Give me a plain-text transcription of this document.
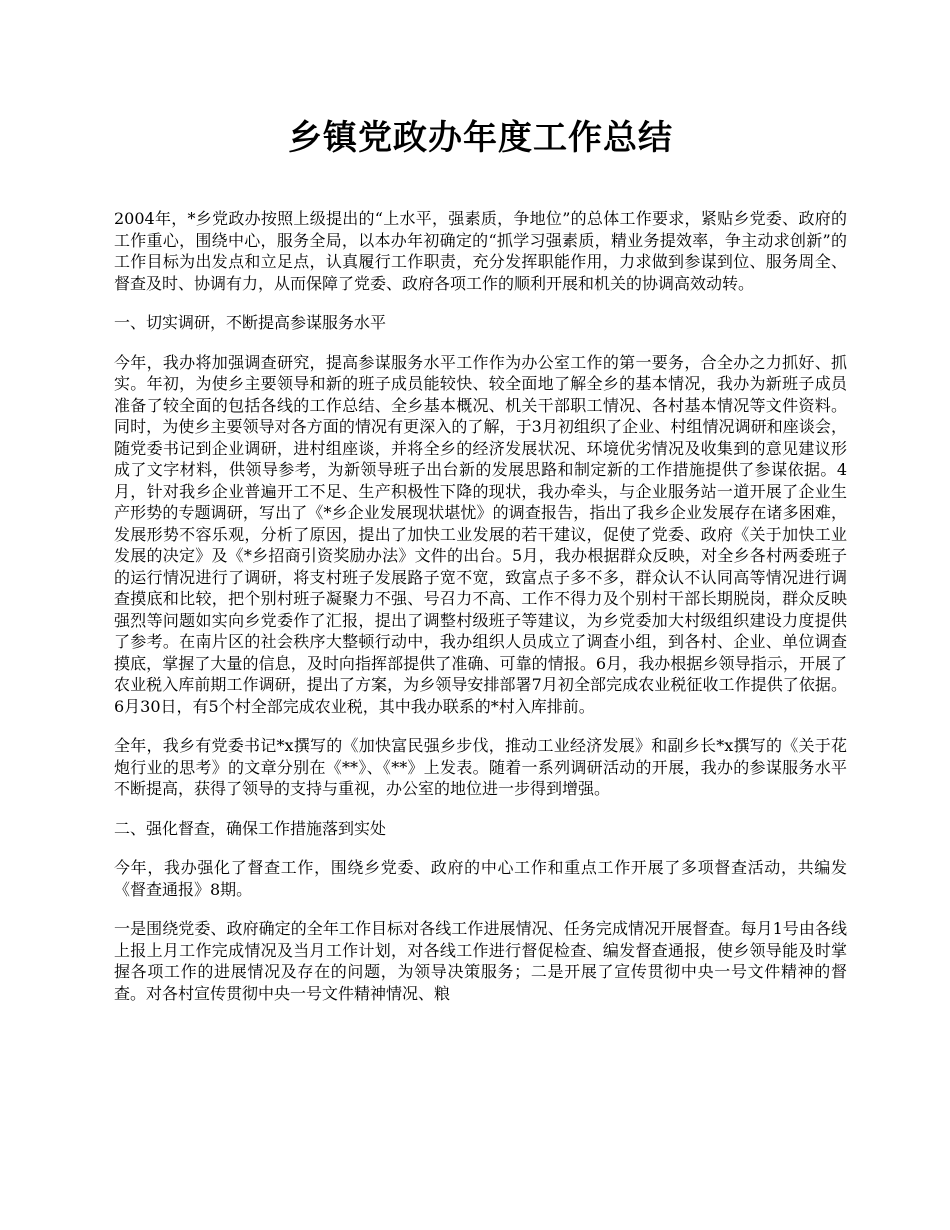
乡镇党政办年度工作总结

2004年，*乡党政办按照上级提出的“上水平，强素质，争地位”的总体工作要求，紧贴乡党委、政府的工作重心，围绕中心，服务全局，以本办年初确定的“抓学习强素质，精业务提效率，争主动求创新”的工作目标为出发点和立足点，认真履行工作职责，充分发挥职能作用，力求做到参谋到位、服务周全、督查及时、协调有力，从而保障了党委、政府各项工作的顺利开展和机关的协调高效动转。

一、切实调研，不断提高参谋服务水平

今年，我办将加强调查研究，提高参谋服务水平工作作为办公室工作的第一要务，合全办之力抓好、抓实。年初，为使乡主要领导和新的班子成员能较快、较全面地了解全乡的基本情况，我办为新班子成员准备了较全面的包括各线的工作总结、全乡基本概况、机关干部职工情况、各村基本情况等文件资料。同时，为使乡主要领导对各方面的情况有更深入的了解，于3月初组织了企业、村组情况调研和座谈会，随党委书记到企业调研，进村组座谈，并将全乡的经济发展状况、环境优劣情况及收集到的意见建议形成了文字材料，供领导参考，为新领导班子出台新的发展思路和制定新的工作措施提供了参谋依据。4月，针对我乡企业普遍开工不足、生产积极性下降的现状，我办牵头，与企业服务站一道开展了企业生产形势的专题调研，写出了《*乡企业发展现状堪忧》的调查报告，指出了我乡企业发展存在诸多困难，发展形势不容乐观，分析了原因，提出了加快工业发展的若干建议，促使了党委、政府《关于加快工业发展的决定》及《*乡招商引资奖励办法》文件的出台。5月，我办根据群众反映，对全乡各村两委班子的运行情况进行了调研，将支村班子发展路子宽不宽，致富点子多不多，群众认不认同高等情况进行调查摸底和比较，把个别村班子凝聚力不强、号召力不高、工作不得力及个别村干部长期脱岗，群众反映强烈等问题如实向乡党委作了汇报，提出了调整村级班子等建议，为乡党委加大村级组织建设力度提供了参考。在南片区的社会秩序大整顿行动中，我办组织人员成立了调查小组，到各村、企业、单位调查摸底，掌握了大量的信息，及时向指挥部提供了准确、可靠的情报。6月，我办根据乡领导指示，开展了农业税入库前期工作调研，提出了方案，为乡领导安排部署7月初全部完成农业税征收工作提供了依据。6月30日，有5个村全部完成农业税，其中我办联系的*村入库排前。

全年，我乡有党委书记*x撰写的《加快富民强乡步伐，推动工业经济发展》和副乡长*x撰写的《关于花炮行业的思考》的文章分别在《**》、《**》上发表。随着一系列调研活动的开展，我办的参谋服务水平不断提高，获得了领导的支持与重视，办公室的地位进一步得到增强。

二、强化督查，确保工作措施落到实处

今年，我办强化了督查工作，围绕乡党委、政府的中心工作和重点工作开展了多项督查活动，共编发《督查通报》8期。

一是围绕党委、政府确定的全年工作目标对各线工作进展情况、任务完成情况开展督查。每月1号由各线上报上月工作完成情况及当月工作计划，对各线工作进行督促检查、编发督查通报，使乡领导能及时掌握各项工作的进展情况及存在的问题，为领导决策服务；二是开展了宣传贯彻中央一号文件精神的督查。对各村宣传贯彻中央一号文件精神情况、粮
